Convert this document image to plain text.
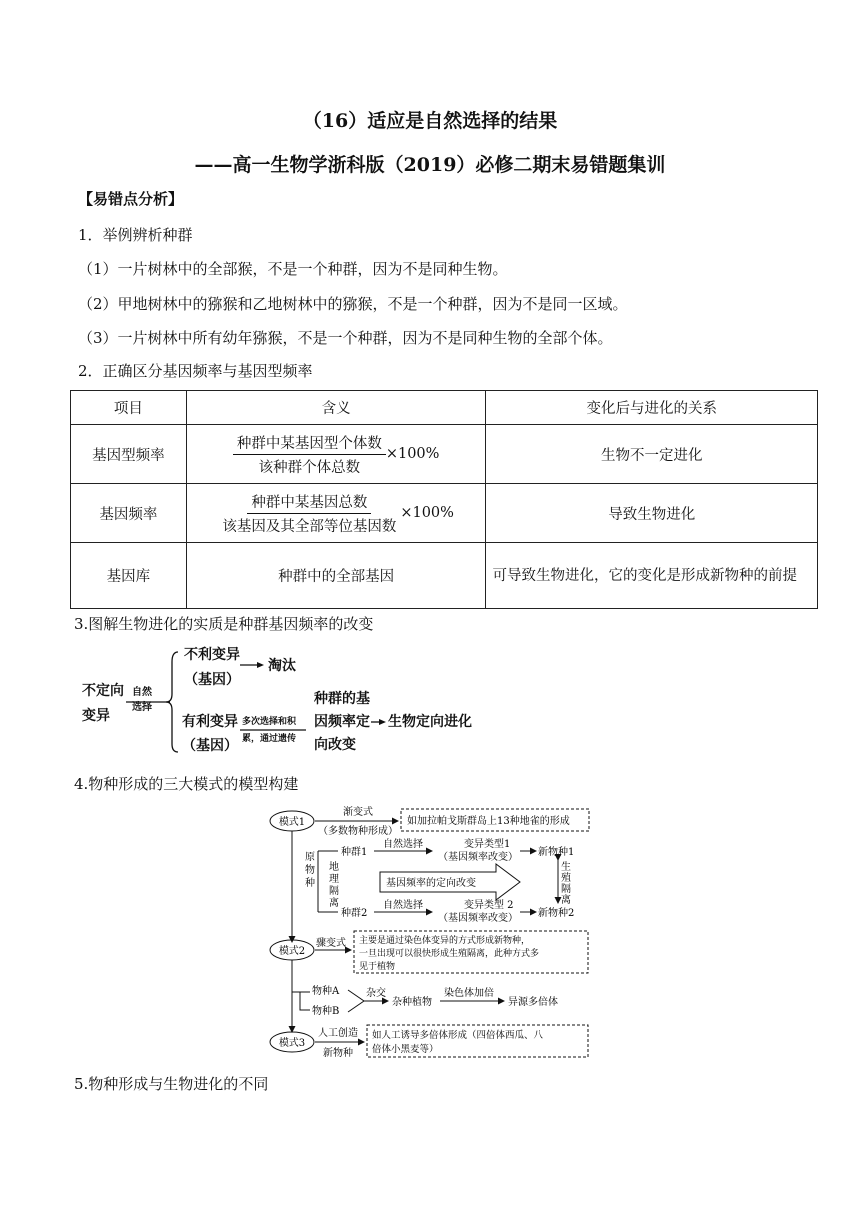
（16）适应是自然选择的结果
——高一生物学浙科版（2019）必修二期末易错题集训
【易错点分析】
1．举例辨析种群
（1）一片树林中的全部猴，不是一个种群，因为不是同种生物。
（2）甲地树林中的猕猴和乙地树林中的猕猴，不是一个种群，因为不是同一区域。
（3）一片树林中所有幼年猕猴，不是一个种群，因为不是同种生物的全部个体。
2．正确区分基因频率与基因型频率
项目	含义	变化后与进化的关系
基因型频率	$\frac{\text{种群中某基因型个体数}}{\text{该种群个体总数}} \times 100\%$	生物不一定进化
基因频率	$\frac{\text{种群中某基因总数}}{\text{该基因及其全部等位基因数}} \times 100\%$	导致生物进化
基因库	种群中的全部基因	可导致生物进化，它的变化是形成新物种的前提
3.图解生物进化的实质是种群基因频率的改变
不定向
变异
自然
选择
不利变异
（基因）
淘汰
有利变异
（基因）
种群的基
因频率定
向改变
生物定向进化
多次选择和积
累，通过遗传
4.物种形成的三大模式的模型构建
模式1
渐变式
（多数物种形成）
如加拉帕戈斯群岛上13种地雀的形成
原
物
种
种群1
种群2
地
理
隔
离
自然选择	变异类型1
（基因频率改变） 新物种1
基因频率的定向改变
自然选择	变异类型 2
（基因频率改变） 新物种2
生
殖
隔
离
模式2
骤变式 主要是通过染色体变异的方式形成新物种，
一旦出现可以很快形成生殖隔离，此种方式多
见于植物
物种A
物种B
杂交
杂种植物
染色体加倍
异源多倍体
模式3
人工创造
新物种
如人工诱导多倍体形成（四倍体西瓜、八
倍体小黑麦等）
5.物种形成与生物进化的不同
